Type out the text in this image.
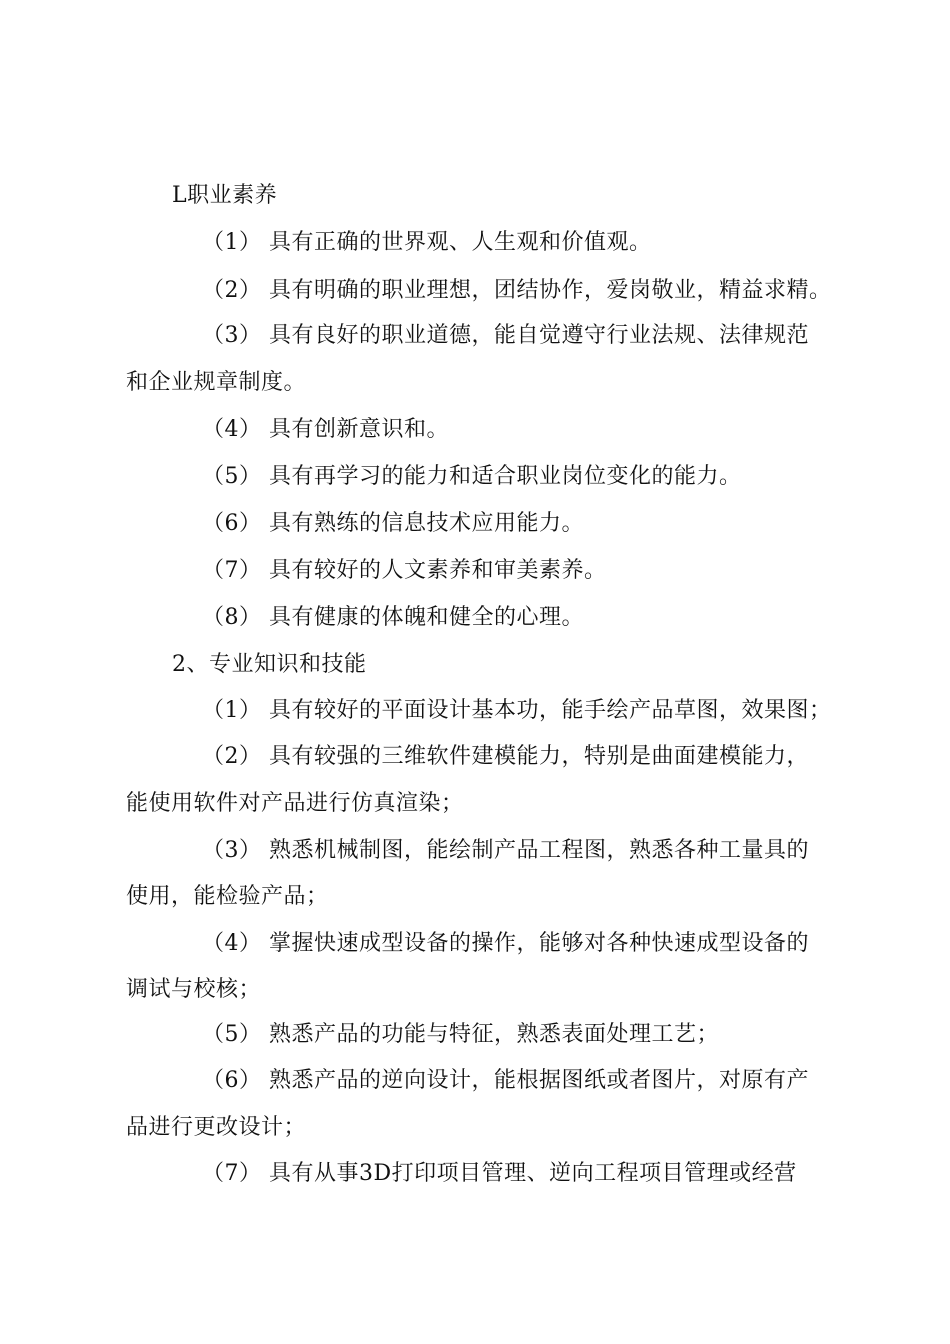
L职业素养
（1） 具有正确的世界观、人生观和价值观。
（2） 具有明确的职业理想，团结协作，爱岗敬业，精益求精。
（3） 具有良好的职业道德，能自觉遵守行业法规、法律规范
和企业规章制度。
（4） 具有创新意识和。
（5） 具有再学习的能力和适合职业岗位变化的能力。
（6） 具有熟练的信息技术应用能力。
（7） 具有较好的人文素养和审美素养。
（8） 具有健康的体魄和健全的心理。
2、专业知识和技能
（1） 具有较好的平面设计基本功，能手绘产品草图，效果图；
（2） 具有较强的三维软件建模能力，特别是曲面建模能力，
能使用软件对产品进行仿真渲染；
（3） 熟悉机械制图，能绘制产品工程图，熟悉各种工量具的
使用，能检验产品；
（4） 掌握快速成型设备的操作，能够对各种快速成型设备的
调试与校核；
（5） 熟悉产品的功能与特征，熟悉表面处理工艺；
（6） 熟悉产品的逆向设计，能根据图纸或者图片，对原有产
品进行更改设计；
（7） 具有从事3D打印项目管理、逆向工程项目管理或经营
